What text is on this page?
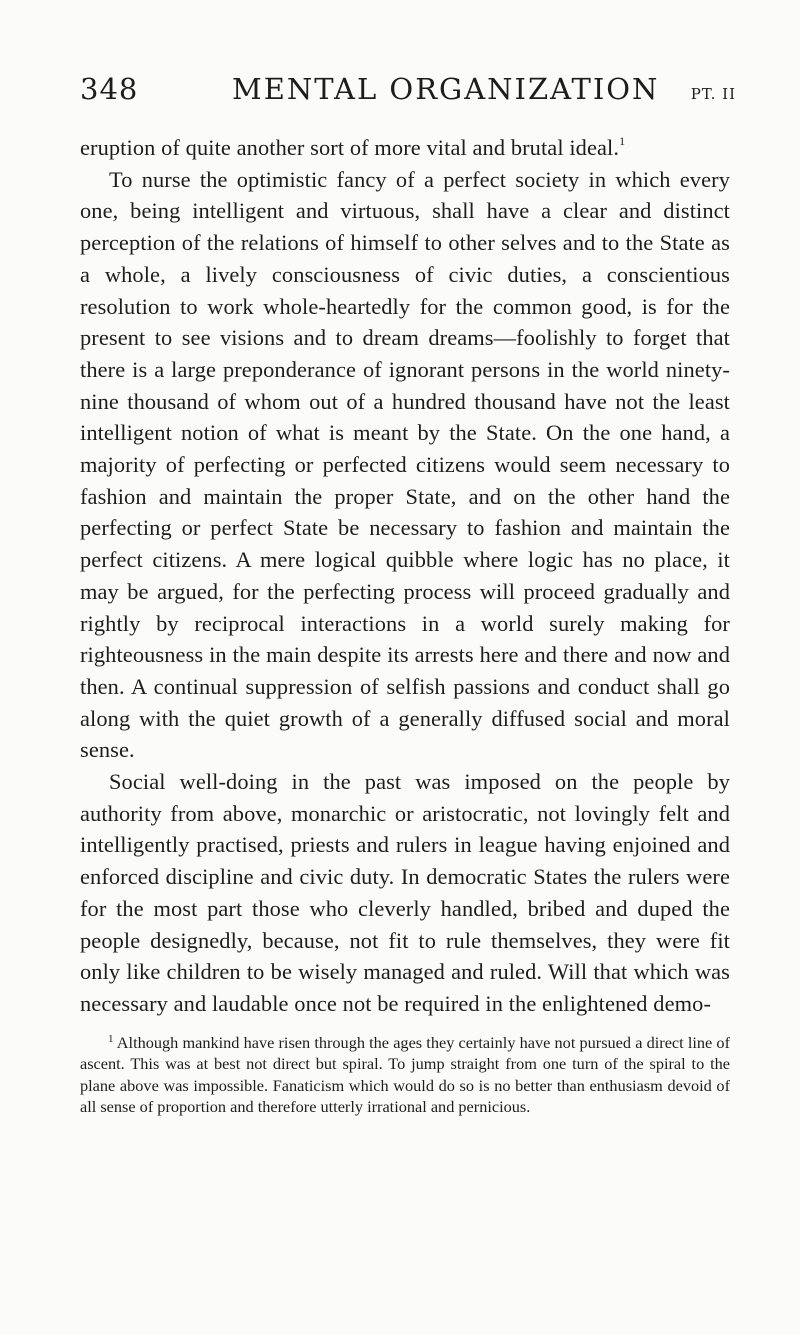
348	MENTAL ORGANIZATION PT. II

eruption of quite another sort of more vital and brutal ideal.$^1$

To nurse the optimistic fancy of a perfect society in which every one, being intelligent and virtuous, shall have a clear and distinct perception of the relations of himself to other selves and to the State as a whole, a lively consciousness of civic duties, a conscientious resolution to work whole-heartedly for the common good, is for the present to see visions and to dream dreams—foolishly to forget that there is a large preponderance of ignorant persons in the world ninety-nine thousand of whom out of a hundred thousand have not the least intelligent notion of what is meant by the State. On the one hand, a majority of perfecting or perfected citizens would seem necessary to fashion and maintain the proper State, and on the other hand the perfecting or perfect State be necessary to fashion and maintain the perfect citizens. A mere logical quibble where logic has no place, it may be argued, for the perfecting process will proceed gradually and rightly by reciprocal interactions in a world surely making for righteousness in the main despite its arrests here and there and now and then. A continual suppression of selfish passions and conduct shall go along with the quiet growth of a generally diffused social and moral sense.

Social well-doing in the past was imposed on the people by authority from above, monarchic or aristocratic, not lovingly felt and intelligently practised, priests and rulers in league having enjoined and enforced discipline and civic duty. In democratic States the rulers were for the most part those who cleverly handled, bribed and duped the people designedly, because, not fit to rule themselves, they were fit only like children to be wisely managed and ruled. Will that which was necessary and laudable once not be required in the enlightened demo-

$^1$ Although mankind have risen through the ages they certainly have not pursued a direct line of ascent. This was at best not direct but spiral. To jump straight from one turn of the spiral to the plane above was impossible. Fanaticism which would do so is no better than enthusiasm devoid of all sense of proportion and therefore utterly irrational and pernicious.
